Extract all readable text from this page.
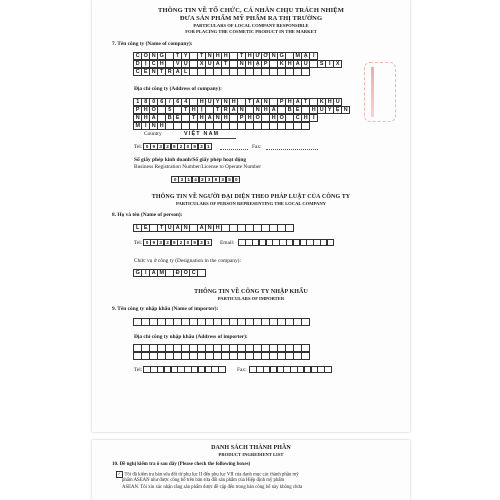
THÔNG TIN VỀ TỔ CHỨC, CÁ NHÂN CHỊU TRÁCH NHIỆM
ĐƯA SẢN PHẨM MỸ PHẨM RA THỊ TRƯỜNG
PARTICULARS OF LOCAL COMPANY RESPONSIBLE
FOR PLACING THE COSMETIC PRODUCT IN THE MARKET
7. Tên công ty (Name of company):
C Ô N G	T Y	T N H H	T H Ư Ơ N G	M Ạ I
D Ị C H	V Ụ	X U Ấ T	N H Ậ P	K H Ẩ U	S	I	X
C E N T R A L
Địa chỉ công ty (Address of company):
1 8 0 6	/	6 4	H U Ỳ N H	T Ấ N	P H Á T	K H U
P H Ố	5	T H Ị	T R Ấ N	N H À	B È	H U Y Ệ N
N H À	B È	T H À N H	P H Ố	H Ồ	C H Í
M I N H
Country	VIỆT NAM
Tel: 0 9 3 2 9 2 0 9 2 1	Fax:
Số giấy phép kinh doanh/Số giấy phép hoạt động
Business Registration Number/License to Operate Number
0 3 1 4 3 3 8 3 5 0
THÔNG TIN VỀ NGƯỜI ĐẠI DIỆN THEO PHÁP LUẬT CỦA CÔNG TY
PARTICULARS OF PERSON REPRESENTING THE LOCAL COMPANY
8. Họ và tên (Name of person):
L Ê	T U Ấ N	A N H
Tel: 0 9 3 2 9 2 0 9 2 1	Email:
Chức vụ ở công ty (Designation in the company):
G I Á M	Đ Ố C
THÔNG TIN VỀ CÔNG TY NHẬP KHẨU
PARTICULARS OF IMPORTER
9. Tên công ty nhập khẩu (Name of importer):
Địa chỉ công ty nhập khẩu (Address of importer):
Tel:	Fax:
DANH SÁCH THÀNH PHẦN
PRODUCT INGREDIENT LIST
10. Đề nghị kiểm tra ô sau đây (Please check the following boxes)
✓ Tôi đã kiểm tra bản sửa đổi từ phụ lục II đến phụ lục VII của danh mục các thành phần mỹ
phẩm ASEAN như được công bố trên bản sửa đổi sản phẩm của Hiệp định mỹ phẩm
ASEAN. Tôi xin xác nhận rằng sản phẩm được đề cập đến trong bản công bố này không chứa
